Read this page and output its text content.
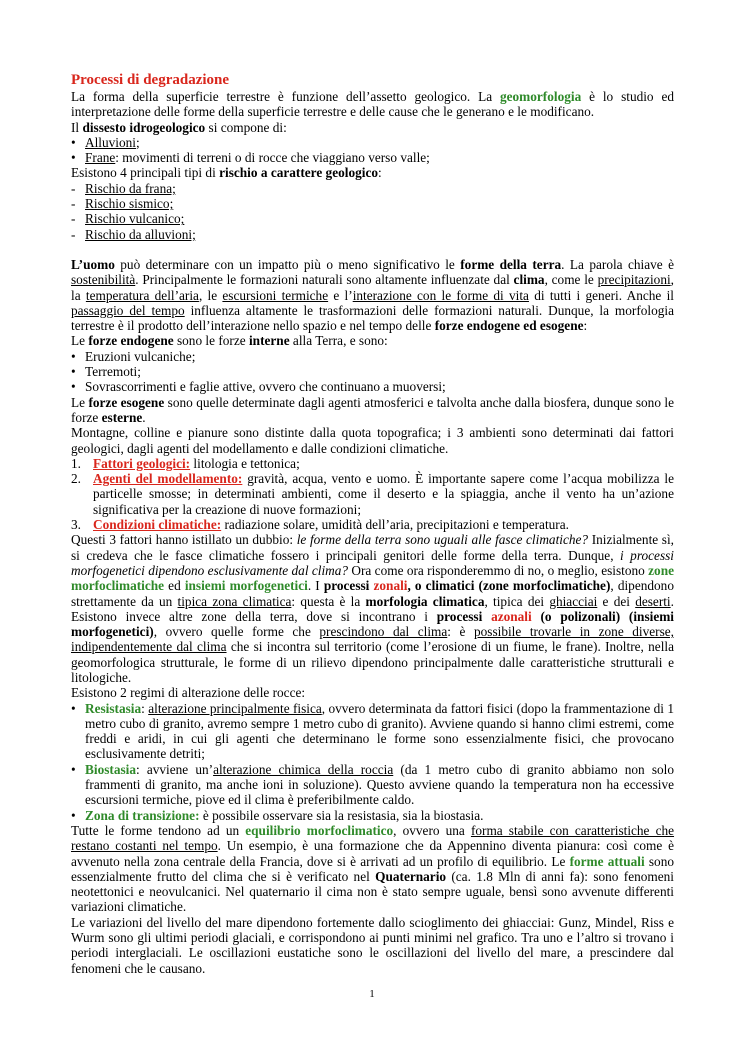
Processi di degradazione

La forma della superficie terrestre è funzione dell’assetto geologico. La geomorfologia è lo studio ed interpretazione delle forme della superficie terrestre e delle cause che le generano e le modificano.

Il dissesto idrogeologico si compone di:

• Alluvioni;
• Frane: movimenti di terreni o di rocce che viaggiano verso valle;

Esistono 4 principali tipi di rischio a carattere geologico:

- Rischio da frana;
- Rischio sismico;
- Rischio vulcanico;
- Rischio da alluvioni;

L’uomo può determinare con un impatto più o meno significativo le forme della terra. La parola chiave è sostenibilità. Principalmente le formazioni naturali sono altamente influenzate dal clima, come le precipitazioni, la temperatura dell’aria, le escursioni termiche e l’interazione con le forme di vita di tutti i generi. Anche il passaggio del tempo influenza altamente le trasformazioni delle formazioni naturali. Dunque, la morfologia terrestre è il prodotto dell’interazione nello spazio e nel tempo delle forze endogene ed esogene:

Le forze endogene sono le forze interne alla Terra, e sono:

• Eruzioni vulcaniche;
• Terremoti;
• Sovrascorrimenti e faglie attive, ovvero che continuano a muoversi;

Le forze esogene sono quelle determinate dagli agenti atmosferici e talvolta anche dalla biosfera, dunque sono le forze esterne.

Montagne, colline e pianure sono distinte dalla quota topografica; i 3 ambienti sono determinati dai fattori geologici, dagli agenti del modellamento e dalle condizioni climatiche.

1. Fattori geologici: litologia e tettonica;
2. Agenti del modellamento: gravità, acqua, vento e uomo. È importante sapere come l’acqua mobilizza le particelle smosse; in determinati ambienti, come il deserto e la spiaggia, anche il vento ha un’azione significativa per la creazione di nuove formazioni;
3. Condizioni climatiche: radiazione solare, umidità dell’aria, precipitazioni e temperatura.

Questi 3 fattori hanno istillato un dubbio: le forme della terra sono uguali alle fasce climatiche? Inizialmente sì, si credeva che le fasce climatiche fossero i principali genitori delle forme della terra. Dunque, i processi morfogenetici dipendono esclusivamente dal clima? Ora come ora risponderemmo di no, o meglio, esistono zone morfoclimatiche ed insiemi morfogenetici. I processi zonali, o climatici (zone morfoclimatiche), dipendono strettamente da un tipica zona climatica: questa è la morfologia climatica, tipica dei ghiacciai e dei deserti. Esistono invece altre zone della terra, dove si incontrano i processi azonali (o polizonali) (insiemi morfogenetici), ovvero quelle forme che prescindono dal clima: è possibile trovarle in zone diverse, indipendentemente dal clima che si incontra sul territorio (come l’erosione di un fiume, le frane). Inoltre, nella geomorfologica strutturale, le forme di un rilievo dipendono principalmente dalle caratteristiche strutturali e litologiche.

Esistono 2 regimi di alterazione delle rocce:

• Resistasia: alterazione principalmente fisica, ovvero determinata da fattori fisici (dopo la frammentazione di 1 metro cubo di granito, avremo sempre 1 metro cubo di granito). Avviene quando si hanno climi estremi, come freddi e aridi, in cui gli agenti che determinano le forme sono essenzialmente fisici, che provocano esclusivamente detriti;
• Biostasia: avviene un’alterazione chimica della roccia (da 1 metro cubo di granito abbiamo non solo frammenti di granito, ma anche ioni in soluzione). Questo avviene quando la temperatura non ha eccessive escursioni termiche, piove ed il clima è preferibilmente caldo.
• Zona di transizione: è possibile osservare sia la resistasia, sia la biostasia.

Tutte le forme tendono ad un equilibrio morfoclimatico, ovvero una forma stabile con caratteristiche che restano costanti nel tempo. Un esempio, è una formazione che da Appennino diventa pianura: così come è avvenuto nella zona centrale della Francia, dove si è arrivati ad un profilo di equilibrio. Le forme attuali sono essenzialmente frutto del clima che si è verificato nel Quaternario (ca. 1.8 Mln di anni fa): sono fenomeni neotettonici e neovulcanici. Nel quaternario il cima non è stato sempre uguale, bensì sono avvenute differenti variazioni climatiche.

Le variazioni del livello del mare dipendono fortemente dallo scioglimento dei ghiacciai: Gunz, Mindel, Riss e Wurm sono gli ultimi periodi glaciali, e corrispondono ai punti minimi nel grafico. Tra uno e l’altro si trovano i periodi interglaciali. Le oscillazioni eustatiche sono le oscillazioni del livello del mare, a prescindere dal fenomeni che le causano.

1
